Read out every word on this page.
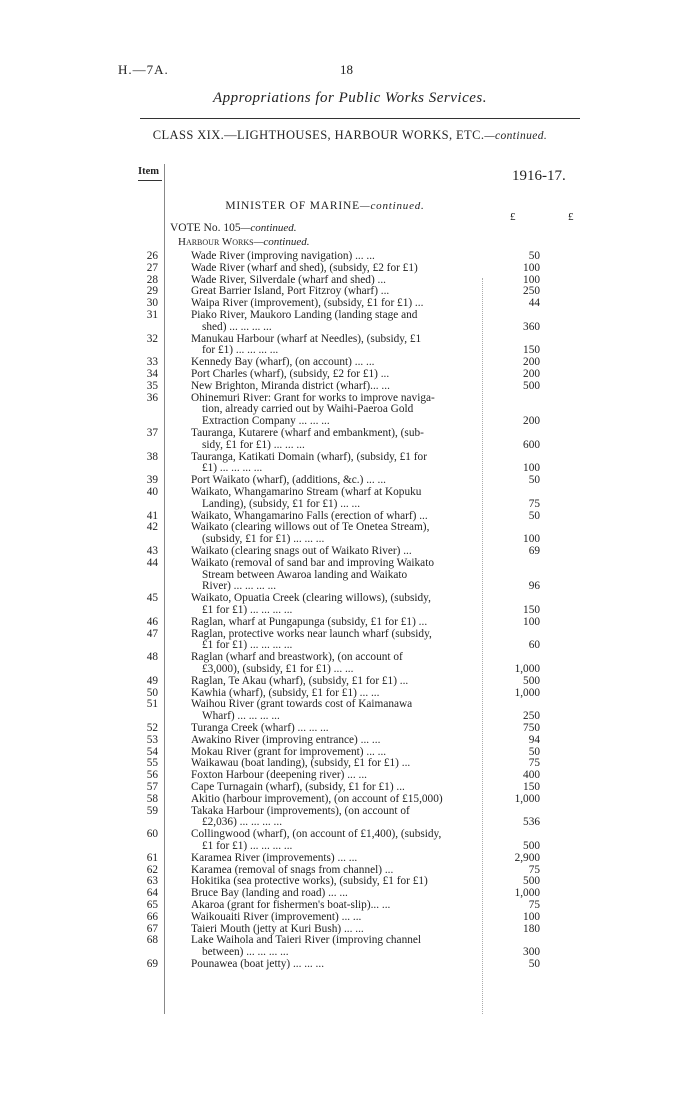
H.—7A.	18
Appropriations for Public Works Services.
CLASS XIX.—LIGHTHOUSES, HARBOUR WORKS, ETC.—continued.
Item	1916-17.
MINISTER OF MARINE—continued.
£	£
VOTE No. 105—continued.
Harbour Works—continued.
26	Wade River (improving navigation) ... ...	50
27	Wade River (wharf and shed), (subsidy, £2 for £1)	100
28	Wade River, Silverdale (wharf and shed) ...	100
29	Great Barrier Island, Port Fitzroy (wharf) ...	250
30	Waipa River (improvement), (subsidy, £1 for £1) ...	44
31	Piako River, Maukoro Landing (landing stage and
shed) ... ... ... ...	360
32	Manukau Harbour (wharf at Needles), (subsidy, £1
for £1) ... ... ... ...	150
33	Kennedy Bay (wharf), (on account) ... ...	200
34	Port Charles (wharf), (subsidy, £2 for £1) ...	200
35	New Brighton, Miranda district (wharf)... ...	500
36	Ohinemuri River: Grant for works to improve naviga-
tion, already carried out by Waihi-Paeroa Gold
Extraction Company ... ... ...	200
37	Tauranga, Kutarere (wharf and embankment), (sub-
sidy, £1 for £1) ... ... ...	600
38	Tauranga, Katikati Domain (wharf), (subsidy, £1 for
£1) ... ... ... ...	100
39	Port Waikato (wharf), (additions, &c.) ... ...	50
40	Waikato, Whangamarino Stream (wharf at Kopuku
Landing), (subsidy, £1 for £1) ... ...	75
41	Waikato, Whangamarino Falls (erection of wharf) ...	50
42	Waikato (clearing willows out of Te Onetea Stream),
(subsidy, £1 for £1) ... ... ...	100
43	Waikato (clearing snags out of Waikato River) ...	69
44	Waikato (removal of sand bar and improving Waikato
Stream between Awaroa landing and Waikato
River) ... ... ... ...	96
45	Waikato, Opuatia Creek (clearing willows), (subsidy,
£1 for £1) ... ... ... ...	150
46	Raglan, wharf at Pungapunga (subsidy, £1 for £1) ...	100
47	Raglan, protective works near launch wharf (subsidy,
£1 for £1) ... ... ... ...	60
48	Raglan (wharf and breastwork), (on account of
£3,000), (subsidy, £1 for £1) ... ...	1,000
49	Raglan, Te Akau (wharf), (subsidy, £1 for £1) ...	500
50	Kawhia (wharf), (subsidy, £1 for £1) ... ...	1,000
51	Waihou River (grant towards cost of Kaimanawa
Wharf) ... ... ... ...	250
52	Turanga Creek (wharf) ... ... ...	750
53	Awakino River (improving entrance) ... ...	94
54	Mokau River (grant for improvement) ... ...	50
55	Waikawau (boat landing), (subsidy, £1 for £1) ...	75
56	Foxton Harbour (deepening river) ... ...	400
57	Cape Turnagain (wharf), (subsidy, £1 for £1) ...	150
58	Akitio (harbour improvement), (on account of £15,000)	1,000
59	Takaka Harbour (improvements), (on account of
£2,036) ... ... ... ...	536
60	Collingwood (wharf), (on account of £1,400), (subsidy,
£1 for £1) ... ... ... ...	500
61	Karamea River (improvements) ... ...	2,900
62	Karamea (removal of snags from channel) ...	75
63	Hokitika (sea protective works), (subsidy, £1 for £1)	500
64	Bruce Bay (landing and road) ... ...	1,000
65	Akaroa (grant for fishermen's boat-slip)... ...	75
66	Waikouaiti River (improvement) ... ...	100
67	Taieri Mouth (jetty at Kuri Bush) ... ...	180
68	Lake Waihola and Taieri River (improving channel
between) ... ... ... ...	300
69	Pounawea (boat jetty) ... ... ...	50
